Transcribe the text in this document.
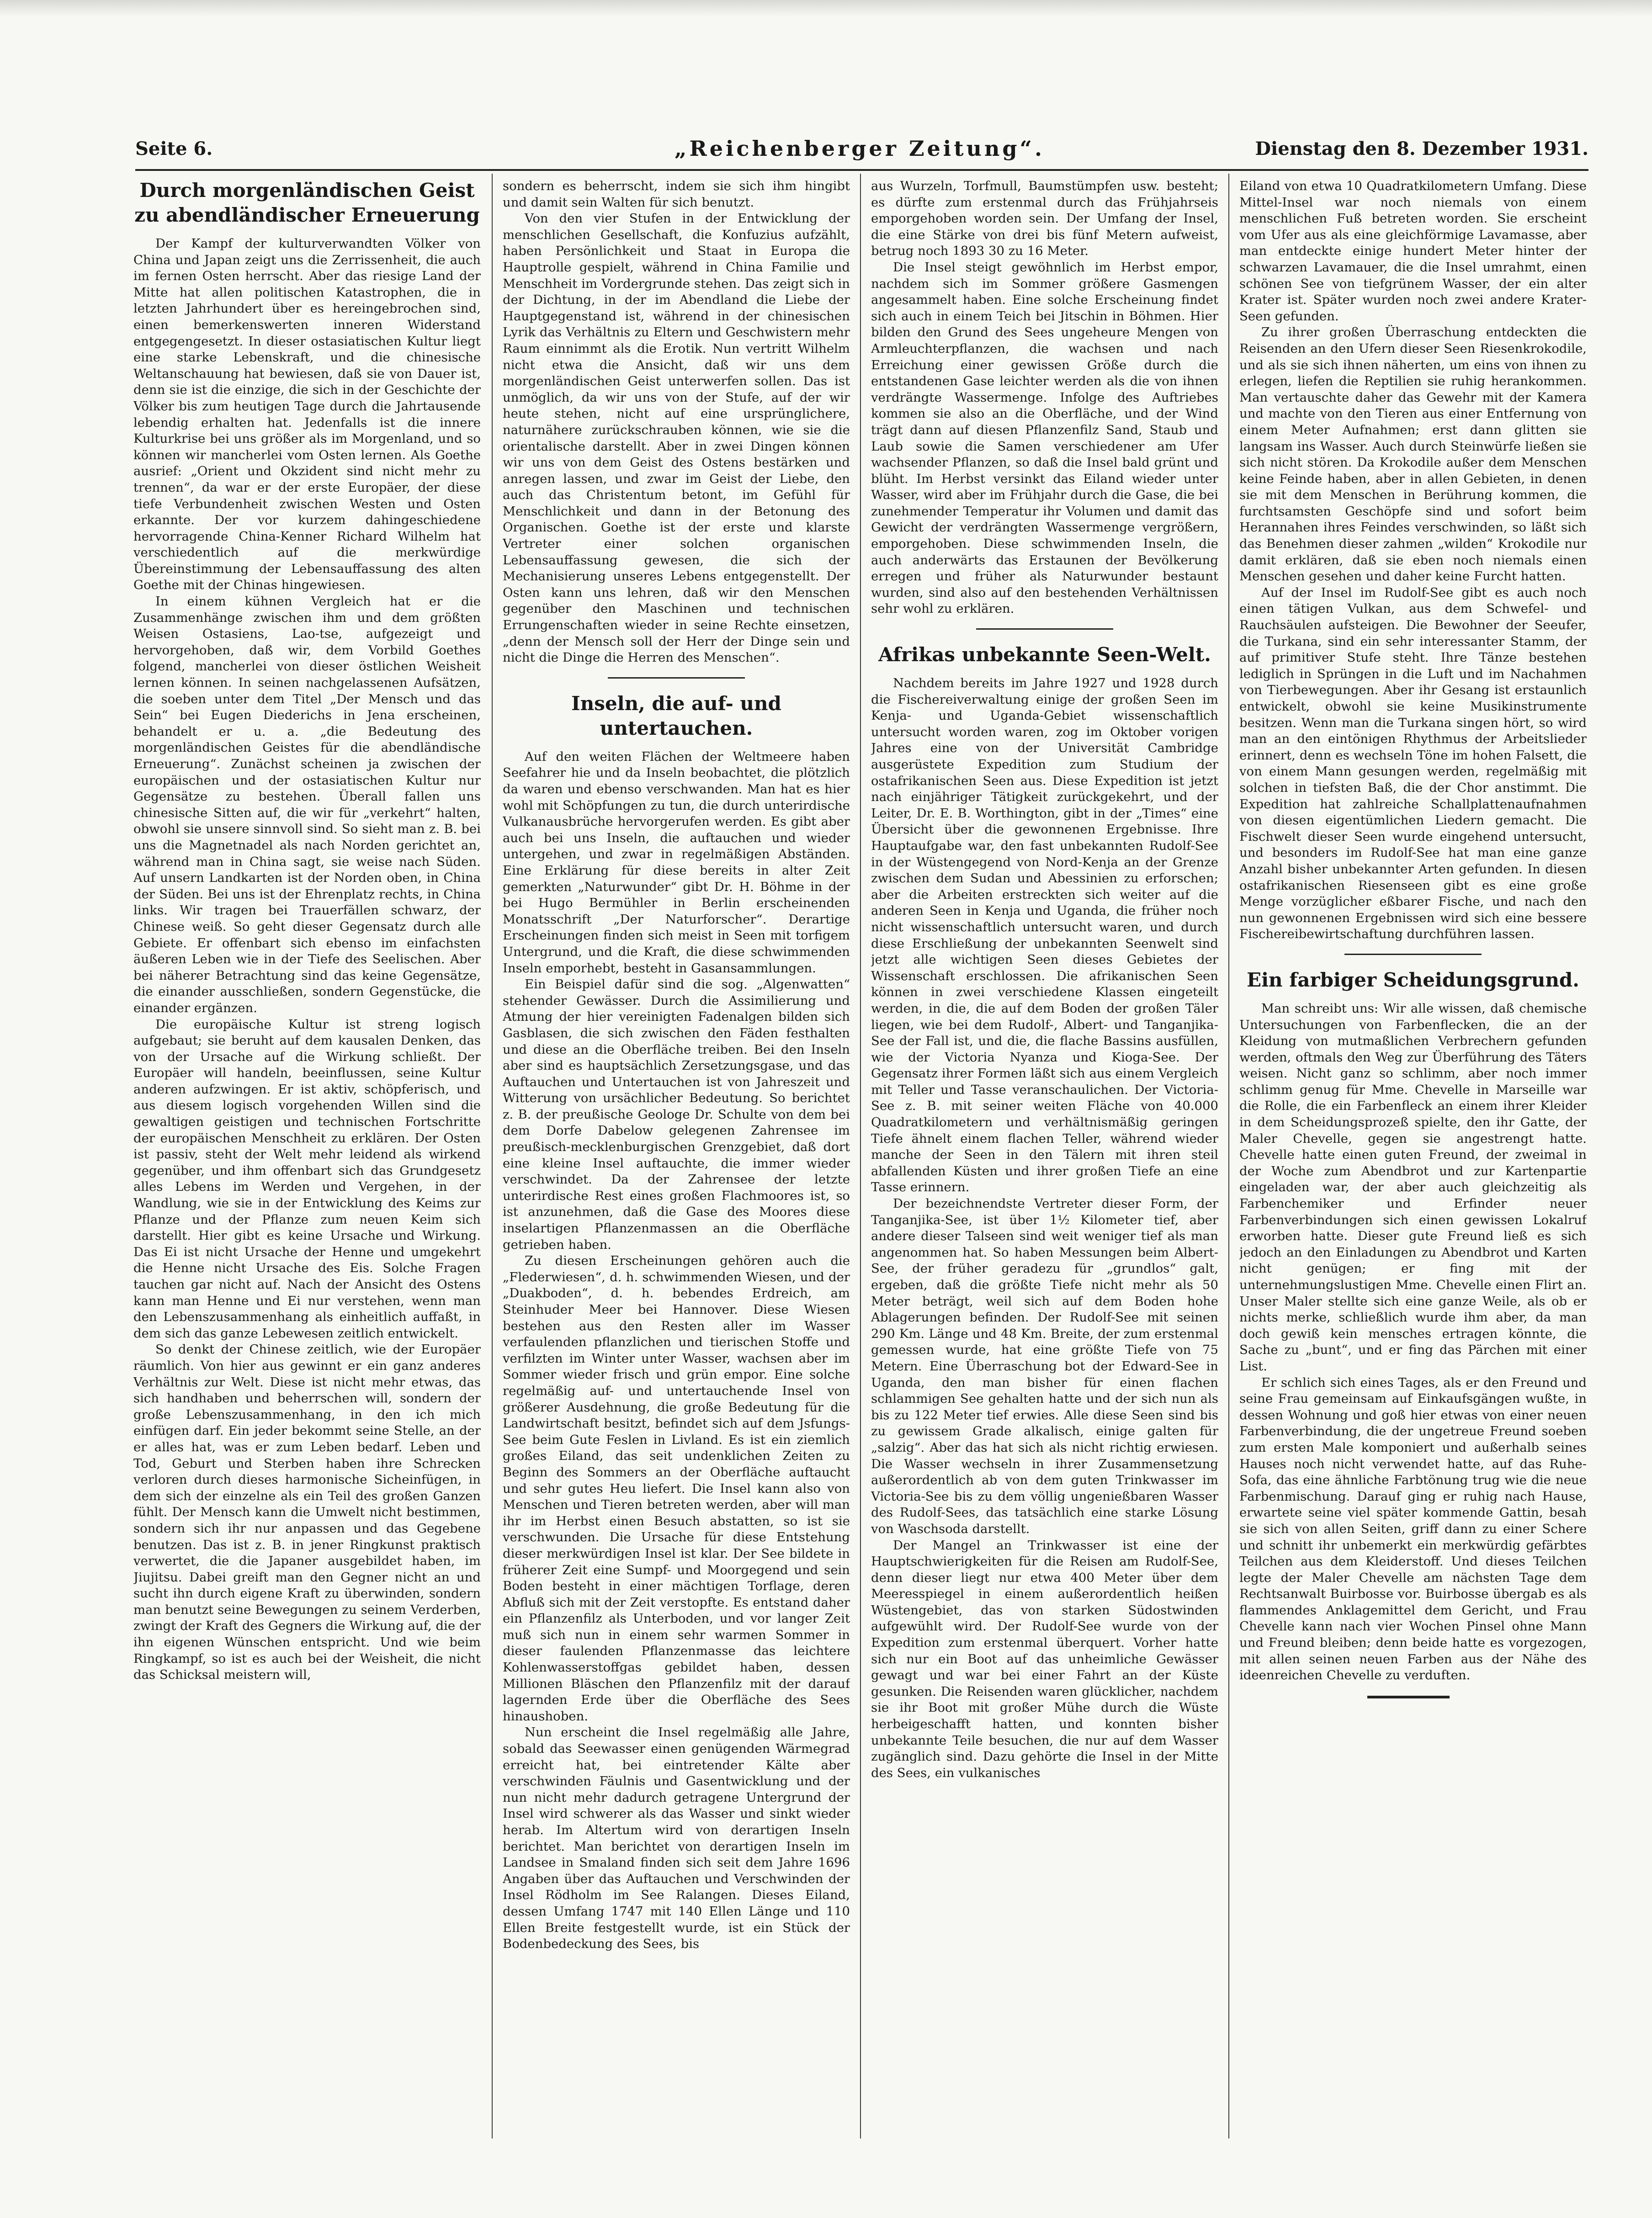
Seite 6.	„Reichenberger Zeitung“.	Dienstag den 8. Dezember 1931.
Durch morgenländischen Geist zu abendländischer Erneuerung

Der Kampf der kulturverwandten Völker von China und Japan zeigt uns die Zerrissenheit, die auch im fernen Osten herrscht. Aber das riesige Land der Mitte hat allen politischen Katastrophen, die in letzten Jahrhundert über es hereingebrochen sind, einen bemerkenswerten inneren Widerstand entgegengesetzt. In dieser ostasiatischen Kultur liegt eine starke Lebenskraft, und die chinesische Weltanschauung hat bewiesen, daß sie von Dauer ist, denn sie ist die einzige, die sich in der Geschichte der Völker bis zum heutigen Tage durch die Jahrtausende lebendig erhalten hat. Jedenfalls ist die innere Kulturkrise bei uns größer als im Morgenland, und so können wir mancherlei vom Osten lernen. Als Goethe ausrief: „Orient und Okzident sind nicht mehr zu trennen“, da war er der erste Europäer, der diese tiefe Verbundenheit zwischen Westen und Osten erkannte. Der vor kurzem dahingeschiedene hervorragende China-Kenner Richard Wilhelm hat verschiedentlich auf die merkwürdige Übereinstimmung der Lebensauffassung des alten Goethe mit der Chinas hingewiesen.

In einem kühnen Vergleich hat er die Zusammenhänge zwischen ihm und dem größten Weisen Ostasiens, Lao-tse, aufgezeigt und hervorgehoben, daß wir, dem Vorbild Goethes folgend, mancherlei von dieser östlichen Weisheit lernen können. In seinen nachgelassenen Aufsätzen, die soeben unter dem Titel „Der Mensch und das Sein“ bei Eugen Diederichs in Jena erscheinen, behandelt er u. a. „die Bedeutung des morgenländischen Geistes für die abendländische Erneuerung“. Zunächst scheinen ja zwischen der europäischen und der ostasiatischen Kultur nur Gegensätze zu bestehen. Überall fallen uns chinesische Sitten auf, die wir für „verkehrt“ halten, obwohl sie unsere sinnvoll sind. So sieht man z. B. bei uns die Magnetnadel als nach Norden gerichtet an, während man in China sagt, sie weise nach Süden. Auf unsern Landkarten ist der Norden oben, in China der Süden. Bei uns ist der Ehrenplatz rechts, in China links. Wir tragen bei Trauerfällen schwarz, der Chinese weiß. So geht dieser Gegensatz durch alle Gebiete. Er offenbart sich ebenso im einfachsten äußeren Leben wie in der Tiefe des Seelischen. Aber bei näherer Betrachtung sind das keine Gegensätze, die einander ausschließen, sondern Gegenstücke, die einander ergänzen.

Die europäische Kultur ist streng logisch aufgebaut; sie beruht auf dem kausalen Denken, das von der Ursache auf die Wirkung schließt. Der Europäer will handeln, beeinflussen, seine Kultur anderen aufzwingen. Er ist aktiv, schöpferisch, und aus diesem logisch vorgehenden Willen sind die gewaltigen geistigen und technischen Fortschritte der europäischen Menschheit zu erklären. Der Osten ist passiv, steht der Welt mehr leidend als wirkend gegenüber, und ihm offenbart sich das Grundgesetz alles Lebens im Werden und Vergehen, in der Wandlung, wie sie in der Entwicklung des Keims zur Pflanze und der Pflanze zum neuen Keim sich darstellt. Hier gibt es keine Ursache und Wirkung. Das Ei ist nicht Ursache der Henne und umgekehrt die Henne nicht Ursache des Eis. Solche Fragen tauchen gar nicht auf. Nach der Ansicht des Ostens kann man Henne und Ei nur verstehen, wenn man den Lebenszusammenhang als einheitlich auffaßt, in dem sich das ganze Lebewesen zeitlich entwickelt.

So denkt der Chinese zeitlich, wie der Europäer räumlich. Von hier aus gewinnt er ein ganz anderes Verhältnis zur Welt. Diese ist nicht mehr etwas, das sich handhaben und beherrschen will, sondern der große Lebenszusammenhang, in den ich mich einfügen darf. Ein jeder bekommt seine Stelle, an der er alles hat, was er zum Leben bedarf. Leben und Tod, Geburt und Sterben haben ihre Schrecken verloren durch dieses harmonische Sicheinfügen, in dem sich der einzelne als ein Teil des großen Ganzen fühlt. Der Mensch kann die Umwelt nicht bestimmen, sondern sich ihr nur anpassen und das Gegebene benutzen. Das ist z. B. in jener Ringkunst praktisch verwertet, die die Japaner ausgebildet haben, im Jiujitsu. Dabei greift man den Gegner nicht an und sucht ihn durch eigene Kraft zu überwinden, sondern man benutzt seine Bewegungen zu seinem Verderben, zwingt der Kraft des Gegners die Wirkung auf, die der ihn eigenen Wünschen entspricht. Und wie beim Ringkampf, so ist es auch bei der Weisheit, die nicht das Schicksal meistern will,

sondern es beherrscht, indem sie sich ihm hingibt und damit sein Walten für sich benutzt.

Von den vier Stufen in der Entwicklung der menschlichen Gesellschaft, die Konfuzius aufzählt, haben Persönlichkeit und Staat in Europa die Hauptrolle gespielt, während in China Familie und Menschheit im Vordergrunde stehen. Das zeigt sich in der Dichtung, in der im Abendland die Liebe der Hauptgegenstand ist, während in der chinesischen Lyrik das Verhältnis zu Eltern und Geschwistern mehr Raum einnimmt als die Erotik. Nun vertritt Wilhelm nicht etwa die Ansicht, daß wir uns dem morgenländischen Geist unterwerfen sollen. Das ist unmöglich, da wir uns von der Stufe, auf der wir heute stehen, nicht auf eine ursprünglichere, naturnähere zurückschrauben können, wie sie die orientalische darstellt. Aber in zwei Dingen können wir uns von dem Geist des Ostens bestärken und anregen lassen, und zwar im Geist der Liebe, den auch das Christentum betont, im Gefühl für Menschlichkeit und dann in der Betonung des Organischen. Goethe ist der erste und klarste Vertreter einer solchen organischen Lebensauffassung gewesen, die sich der Mechanisierung unseres Lebens entgegenstellt. Der Osten kann uns lehren, daß wir den Menschen gegenüber den Maschinen und technischen Errungenschaften wieder in seine Rechte einsetzen, „denn der Mensch soll der Herr der Dinge sein und nicht die Dinge die Herren des Menschen“.

Inseln, die auf- und untertauchen.

Auf den weiten Flächen der Weltmeere haben Seefahrer hie und da Inseln beobachtet, die plötzlich da waren und ebenso verschwanden. Man hat es hier wohl mit Schöpfungen zu tun, die durch unterirdische Vulkanausbrüche hervorgerufen werden. Es gibt aber auch bei uns Inseln, die auftauchen und wieder untergehen, und zwar in regelmäßigen Abständen. Eine Erklärung für diese bereits in alter Zeit gemerkten „Naturwunder“ gibt Dr. H. Böhme in der bei Hugo Bermühler in Berlin erscheinenden Monatsschrift „Der Naturforscher“. Derartige Erscheinungen finden sich meist in Seen mit torfigem Untergrund, und die Kraft, die diese schwimmenden Inseln emporhebt, besteht in Gasansammlungen.

Ein Beispiel dafür sind die sog. „Algenwatten“ stehender Gewässer. Durch die Assimilierung und Atmung der hier vereinigten Fadenalgen bilden sich Gasblasen, die sich zwischen den Fäden festhalten und diese an die Oberfläche treiben. Bei den Inseln aber sind es hauptsächlich Zersetzungsgase, und das Auftauchen und Untertauchen ist von Jahreszeit und Witterung von ursächlicher Bedeutung. So berichtet z. B. der preußische Geologe Dr. Schulte von dem bei dem Dorfe Dabelow gelegenen Zahrensee im preußisch-mecklenburgischen Grenzgebiet, daß dort eine kleine Insel auftauchte, die immer wieder verschwindet. Da der Zahrensee der letzte unterirdische Rest eines großen Flachmoores ist, so ist anzunehmen, daß die Gase des Moores diese inselartigen Pflanzenmassen an die Oberfläche getrieben haben.

Zu diesen Erscheinungen gehören auch die „Flederwiesen“, d. h. schwimmenden Wiesen, und der „Duakboden“, d. h. bebendes Erdreich, am Steinhuder Meer bei Hannover. Diese Wiesen bestehen aus den Resten aller im Wasser verfaulenden pflanzlichen und tierischen Stoffe und verfilzten im Winter unter Wasser, wachsen aber im Sommer wieder frisch und grün empor. Eine solche regelmäßig auf- und untertauchende Insel von größerer Ausdehnung, die große Bedeutung für die Landwirtschaft besitzt, befindet sich auf dem Jsfungs-See beim Gute Feslen in Livland. Es ist ein ziemlich großes Eiland, das seit undenklichen Zeiten zu Beginn des Sommers an der Oberfläche auftaucht und sehr gutes Heu liefert. Die Insel kann also von Menschen und Tieren betreten werden, aber will man ihr im Herbst einen Besuch abstatten, so ist sie verschwunden. Die Ursache für diese Entstehung dieser merkwürdigen Insel ist klar. Der See bildete in früherer Zeit eine Sumpf- und Moorgegend und sein Boden besteht in einer mächtigen Torflage, deren Abfluß sich mit der Zeit verstopfte. Es entstand daher ein Pflanzenfilz als Unterboden, und vor langer Zeit muß sich nun in einem sehr warmen Sommer in dieser faulenden Pflanzenmasse das leichtere Kohlenwasserstoffgas gebildet haben, dessen Millionen Bläschen den Pflanzenfilz mit der darauf lagernden Erde über die Oberfläche des Sees hinaushoben.

Nun erscheint die Insel regelmäßig alle Jahre, sobald das Seewasser einen genügenden Wärmegrad erreicht hat, bei eintretender Kälte aber verschwinden Fäulnis und Gasentwicklung und der nun nicht mehr dadurch getragene Untergrund der Insel wird schwerer als das Wasser und sinkt wieder herab. Im Altertum wird von derartigen Inseln berichtet. Man berichtet von derartigen Inseln im Landsee in Smaland finden sich seit dem Jahre 1696 Angaben über das Auftauchen und Verschwinden der Insel Rödholm im See Ralangen. Dieses Eiland, dessen Umfang 1747 mit 140 Ellen Länge und 110 Ellen Breite festgestellt wurde, ist ein Stück der Bodenbedeckung des Sees, bis

aus Wurzeln, Torfmull, Baumstümpfen usw. besteht; es dürfte zum erstenmal durch das Frühjahrseis emporgehoben worden sein. Der Umfang der Insel, die eine Stärke von drei bis fünf Metern aufweist, betrug noch 1893 30 zu 16 Meter.

Die Insel steigt gewöhnlich im Herbst empor, nachdem sich im Sommer größere Gasmengen angesammelt haben. Eine solche Erscheinung findet sich auch in einem Teich bei Jitschin in Böhmen. Hier bilden den Grund des Sees ungeheure Mengen von Armleuchterpflanzen, die wachsen und nach Erreichung einer gewissen Größe durch die entstandenen Gase leichter werden als die von ihnen verdrängte Wassermenge. Infolge des Auftriebes kommen sie also an die Oberfläche, und der Wind trägt dann auf diesen Pflanzenfilz Sand, Staub und Laub sowie die Samen verschiedener am Ufer wachsender Pflanzen, so daß die Insel bald grünt und blüht. Im Herbst versinkt das Eiland wieder unter Wasser, wird aber im Frühjahr durch die Gase, die bei zunehmender Temperatur ihr Volumen und damit das Gewicht der verdrängten Wassermenge vergrößern, emporgehoben. Diese schwimmenden Inseln, die auch anderwärts das Erstaunen der Bevölkerung erregen und früher als Naturwunder bestaunt wurden, sind also auf den bestehenden Verhältnissen sehr wohl zu erklären.

Afrikas unbekannte Seen-Welt.

Nachdem bereits im Jahre 1927 und 1928 durch die Fischereiverwaltung einige der großen Seen im Kenja- und Uganda-Gebiet wissenschaftlich untersucht worden waren, zog im Oktober vorigen Jahres eine von der Universität Cambridge ausgerüstete Expedition zum Studium der ostafrikanischen Seen aus. Diese Expedition ist jetzt nach einjähriger Tätigkeit zurückgekehrt, und der Leiter, Dr. E. B. Worthington, gibt in der „Times“ eine Übersicht über die gewonnenen Ergebnisse. Ihre Hauptaufgabe war, den fast unbekannten Rudolf-See in der Wüstengegend von Nord-Kenja an der Grenze zwischen dem Sudan und Abessinien zu erforschen; aber die Arbeiten erstreckten sich weiter auf die anderen Seen in Kenja und Uganda, die früher noch nicht wissenschaftlich untersucht waren, und durch diese Erschließung der unbekannten Seenwelt sind jetzt alle wichtigen Seen dieses Gebietes der Wissenschaft erschlossen. Die afrikanischen Seen können in zwei verschiedene Klassen eingeteilt werden, in die, die auf dem Boden der großen Täler liegen, wie bei dem Rudolf-, Albert- und Tanganjika-See der Fall ist, und die, die flache Bassins ausfüllen, wie der Victoria Nyanza und Kioga-See. Der Gegensatz ihrer Formen läßt sich aus einem Vergleich mit Teller und Tasse veranschaulichen. Der Victoria-See z. B. mit seiner weiten Fläche von 40.000 Quadratkilometern und verhältnismäßig geringen Tiefe ähnelt einem flachen Teller, während wieder manche der Seen in den Tälern mit ihren steil abfallenden Küsten und ihrer großen Tiefe an eine Tasse erinnern.

Der bezeichnendste Vertreter dieser Form, der Tanganjika-See, ist über 1½ Kilometer tief, aber andere dieser Talseen sind weit weniger tief als man angenommen hat. So haben Messungen beim Albert-See, der früher geradezu für „grundlos“ galt, ergeben, daß die größte Tiefe nicht mehr als 50 Meter beträgt, weil sich auf dem Boden hohe Ablagerungen befinden. Der Rudolf-See mit seinen 290 Km. Länge und 48 Km. Breite, der zum erstenmal gemessen wurde, hat eine größte Tiefe von 75 Metern. Eine Überraschung bot der Edward-See in Uganda, den man bisher für einen flachen schlammigen See gehalten hatte und der sich nun als bis zu 122 Meter tief erwies. Alle diese Seen sind bis zu gewissem Grade alkalisch, einige galten für „salzig“. Aber das hat sich als nicht richtig erwiesen. Die Wasser wechseln in ihrer Zusammensetzung außerordentlich ab von dem guten Trinkwasser im Victoria-See bis zu dem völlig ungenießbaren Wasser des Rudolf-Sees, das tatsächlich eine starke Lösung von Waschsoda darstellt.

Der Mangel an Trinkwasser ist eine der Hauptschwierigkeiten für die Reisen am Rudolf-See, denn dieser liegt nur etwa 400 Meter über dem Meeresspiegel in einem außerordentlich heißen Wüstengebiet, das von starken Südostwinden aufgewühlt wird. Der Rudolf-See wurde von der Expedition zum erstenmal überquert. Vorher hatte sich nur ein Boot auf das unheimliche Gewässer gewagt und war bei einer Fahrt an der Küste gesunken. Die Reisenden waren glücklicher, nachdem sie ihr Boot mit großer Mühe durch die Wüste herbeigeschafft hatten, und konnten bisher unbekannte Teile besuchen, die nur auf dem Wasser zugänglich sind. Dazu gehörte die Insel in der Mitte des Sees, ein vulkanisches

Eiland von etwa 10 Quadratkilometern Umfang. Diese Mittel-Insel war noch niemals von einem menschlichen Fuß betreten worden. Sie erscheint vom Ufer aus als eine gleichförmige Lavamasse, aber man entdeckte einige hundert Meter hinter der schwarzen Lavamauer, die die Insel umrahmt, einen schönen See von tiefgrünem Wasser, der ein alter Krater ist. Später wurden noch zwei andere Krater-Seen gefunden.

Zu ihrer großen Überraschung entdeckten die Reisenden an den Ufern dieser Seen Riesenkrokodile, und als sie sich ihnen näherten, um eins von ihnen zu erlegen, liefen die Reptilien sie ruhig herankommen. Man vertauschte daher das Gewehr mit der Kamera und machte von den Tieren aus einer Entfernung von einem Meter Aufnahmen; erst dann glitten sie langsam ins Wasser. Auch durch Steinwürfe ließen sie sich nicht stören. Da Krokodile außer dem Menschen keine Feinde haben, aber in allen Gebieten, in denen sie mit dem Menschen in Berührung kommen, die furchtsamsten Geschöpfe sind und sofort beim Herannahen ihres Feindes verschwinden, so läßt sich das Benehmen dieser zahmen „wilden“ Krokodile nur damit erklären, daß sie eben noch niemals einen Menschen gesehen und daher keine Furcht hatten.

Auf der Insel im Rudolf-See gibt es auch noch einen tätigen Vulkan, aus dem Schwefel- und Rauchsäulen aufsteigen. Die Bewohner der Seeufer, die Turkana, sind ein sehr interessanter Stamm, der auf primitiver Stufe steht. Ihre Tänze bestehen lediglich in Sprüngen in die Luft und im Nachahmen von Tierbewegungen. Aber ihr Gesang ist erstaunlich entwickelt, obwohl sie keine Musikinstrumente besitzen. Wenn man die Turkana singen hört, so wird man an den eintönigen Rhythmus der Arbeitslieder erinnert, denn es wechseln Töne im hohen Falsett, die von einem Mann gesungen werden, regelmäßig mit solchen in tiefsten Baß, die der Chor anstimmt. Die Expedition hat zahlreiche Schallplattenaufnahmen von diesen eigentümlichen Liedern gemacht. Die Fischwelt dieser Seen wurde eingehend untersucht, und besonders im Rudolf-See hat man eine ganze Anzahl bisher unbekannter Arten gefunden. In diesen ostafrikanischen Riesenseen gibt es eine große Menge vorzüglicher eßbarer Fische, und nach den nun gewonnenen Ergebnissen wird sich eine bessere Fischereibewirtschaftung durchführen lassen.

Ein farbiger Scheidungsgrund.

Man schreibt uns: Wir alle wissen, daß chemische Untersuchungen von Farbenflecken, die an der Kleidung von mutmaßlichen Verbrechern gefunden werden, oftmals den Weg zur Überführung des Täters weisen. Nicht ganz so schlimm, aber noch immer schlimm genug für Mme. Chevelle in Marseille war die Rolle, die ein Farbenfleck an einem ihrer Kleider in dem Scheidungsprozeß spielte, den ihr Gatte, der Maler Chevelle, gegen sie angestrengt hatte. Chevelle hatte einen guten Freund, der zweimal in der Woche zum Abendbrot und zur Kartenpartie eingeladen war, der aber auch gleichzeitig als Farbenchemiker und Erfinder neuer Farbenverbindungen sich einen gewissen Lokalruf erworben hatte. Dieser gute Freund ließ es sich jedoch an den Einladungen zu Abendbrot und Karten nicht genügen; er fing mit der unternehmungslustigen Mme. Chevelle einen Flirt an. Unser Maler stellte sich eine ganze Weile, als ob er nichts merke, schließlich wurde ihm aber, da man doch gewiß kein mensches ertragen könnte, die Sache zu „bunt“, und er fing das Pärchen mit einer List.

Er schlich sich eines Tages, als er den Freund und seine Frau gemeinsam auf Einkaufsgängen wußte, in dessen Wohnung und goß hier etwas von einer neuen Farbenverbindung, die der ungetreue Freund soeben zum ersten Male komponiert und außerhalb seines Hauses noch nicht verwendet hatte, auf das Ruhe-Sofa, das eine ähnliche Farbtönung trug wie die neue Farbenmischung. Darauf ging er ruhig nach Hause, erwartete seine viel später kommende Gattin, besah sie sich von allen Seiten, griff dann zu einer Schere und schnitt ihr unbemerkt ein merkwürdig gefärbtes Teilchen aus dem Kleiderstoff. Und dieses Teilchen legte der Maler Chevelle am nächsten Tage dem Rechtsanwalt Buirbosse vor. Buirbosse übergab es als flammendes Anklagemittel dem Gericht, und Frau Chevelle kann nach vier Wochen Pinsel ohne Mann und Freund bleiben; denn beide hatte es vorgezogen, mit allen seinen neuen Farben aus der Nähe des ideenreichen Chevelle zu verduften.
